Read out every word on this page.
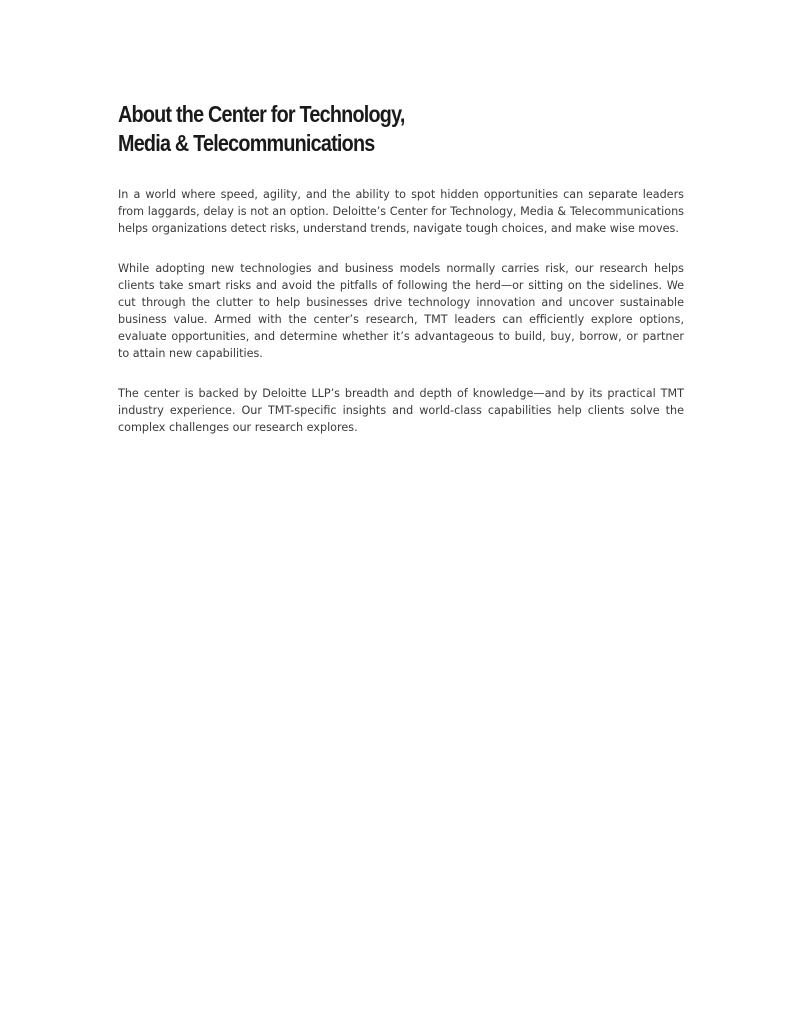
About the Center for Technology,
Media & Telecommunications

In a world where speed, agility, and the ability to spot hidden opportunities can separate leaders from laggards, delay is not an option. Deloitte’s Center for Technology, Media & Telecommunications helps organizations detect risks, understand trends, navigate tough choices, and make wise moves.

While adopting new technologies and business models normally carries risk, our research helps clients take smart risks and avoid the pitfalls of following the herd—or sitting on the sidelines. We cut through the clutter to help businesses drive technology innovation and uncover sustainable business value. Armed with the center’s research, TMT leaders can efficiently explore options, evaluate opportunities, and determine whether it’s advantageous to build, buy, borrow, or partner to attain new capabilities.

The center is backed by Deloitte LLP’s breadth and depth of knowledge—and by its practical TMT industry experience. Our TMT-specific insights and world-class capabilities help clients solve the complex challenges our research explores.
